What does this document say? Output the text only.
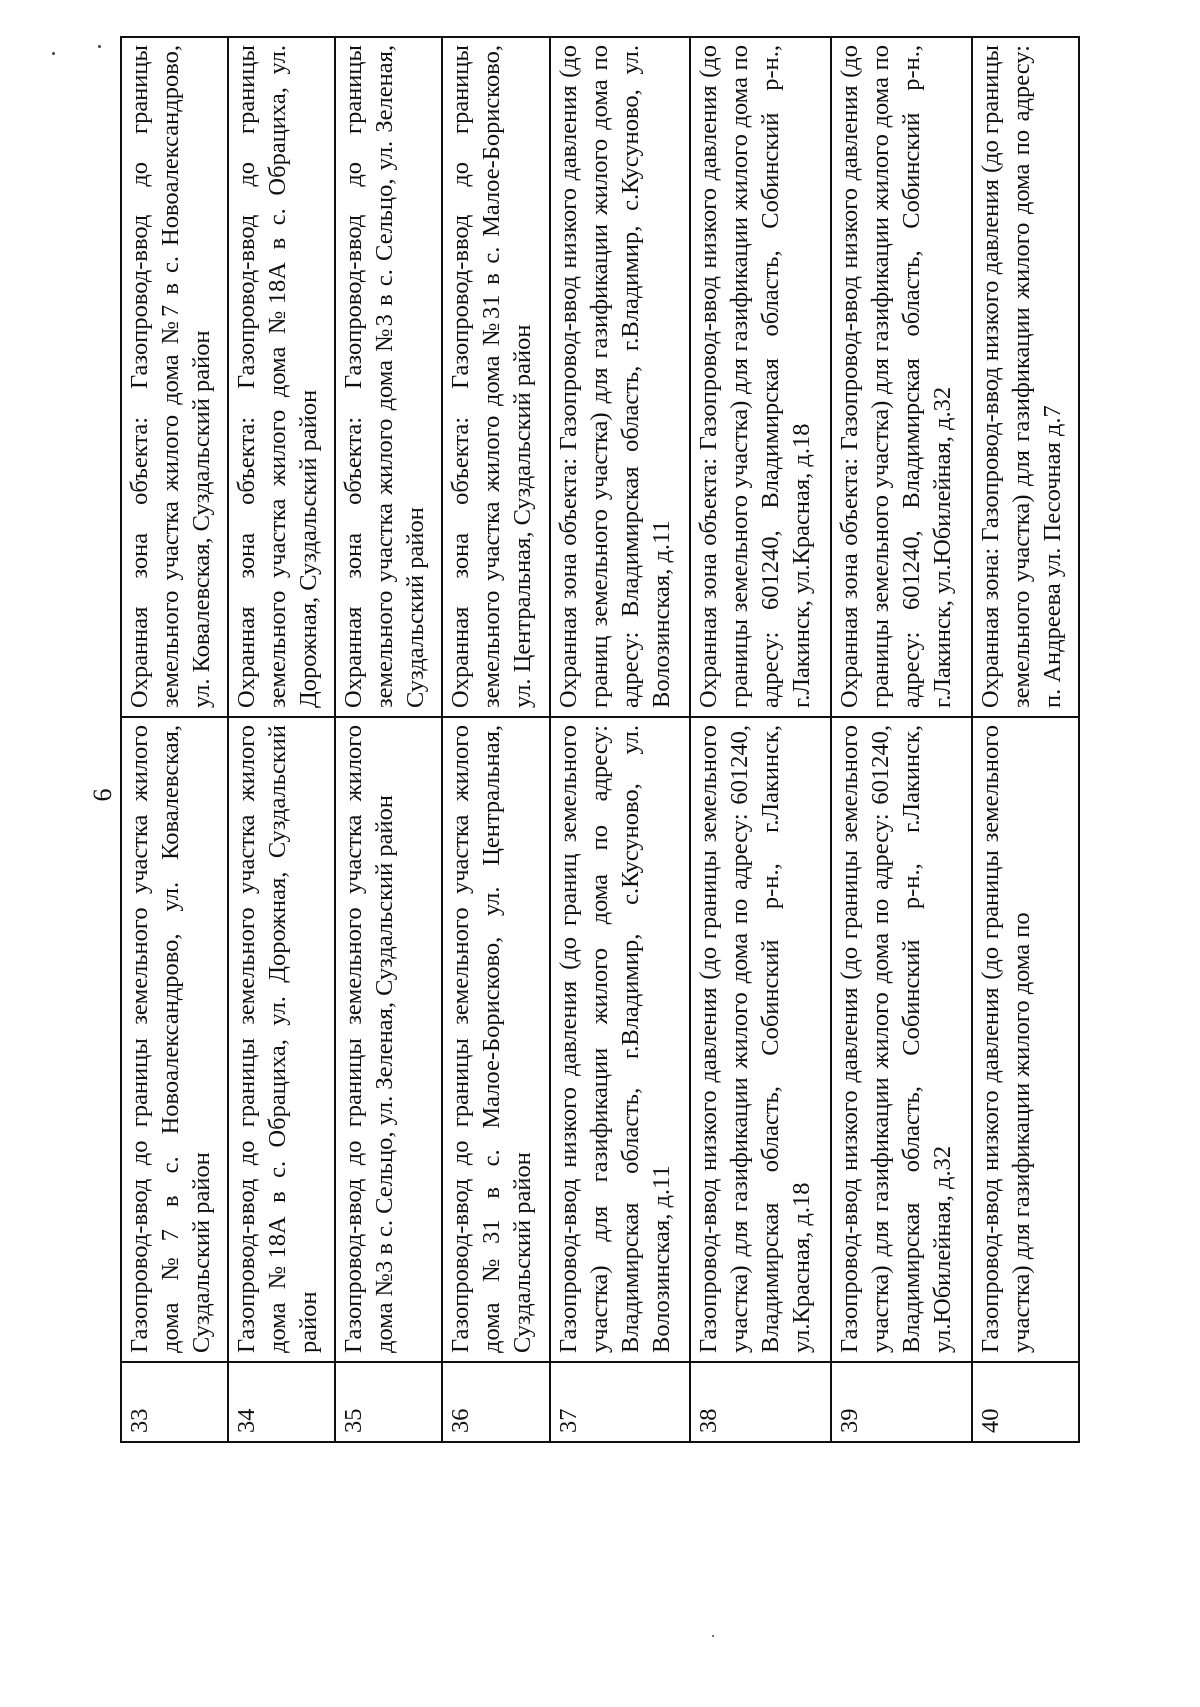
6
33	Газопровод-ввод до границы земельного участка жилого дома №7 в с. Новоалександрово, ул. Ковалевская, Суздальский район	Охранная зона объекта: Газопровод-ввод до границы земельного участка жилого дома №7 в с. Новоалександрово, ул. Ковалевская, Суздальский район
34	Газопровод-ввод до границы земельного участка жилого дома №18А в с. Обрациха, ул. Дорожная, Суздальский район	Охранная зона объекта: Газопровод-ввод до границы земельного участка жилого дома №18А в с. Обрациха, ул. Дорожная, Суздальский район
35	Газопровод-ввод до границы земельного участка жилого дома №3 в с. Сельцо, ул. Зеленая, Суздальский район	Охранная зона объекта: Газопровод-ввод до границы земельного участка жилого дома №3 в с. Сельцо, ул. Зеленая, Суздальский район
36	Газопровод-ввод до границы земельного участка жилого дома №31 в с. Малое-Борисково, ул. Центральная, Суздальский район	Охранная зона объекта: Газопровод-ввод до границы земельного участка жилого дома №31 в с. Малое-Борисково, ул. Центральная, Суздальский район
37	Газопровод-ввод низкого давления (до границ земельного участка) для газификации жилого дома по адресу: Владимирская область, г.Владимир, с.Кусуново, ул. Волозинская, д.11	Охранная зона объекта: Газопровод-ввод низкого давления (до границ земельного участка) для газификации жилого дома по адресу: Владимирская область, г.Владимир, с.Кусуново, ул. Волозинская, д.11
38	Газопровод-ввод низкого давления (до границы земельного участка) для газификации жилого дома по адресу: 601240, Владимирская область, Собинский р-н., г.Лакинск, ул.Красная, д.18	Охранная зона объекта: Газопровод-ввод низкого давления (до границы земельного участка) для газификации жилого дома по адресу: 601240, Владимирская область, Собинский р-н., г.Лакинск, ул.Красная, д.18
39	Газопровод-ввод низкого давления (до границы земельного участка) для газификации жилого дома по адресу: 601240, Владимирская область, Собинский р-н., г.Лакинск, ул.Юбилейная, д.32	Охранная зона объекта: Газопровод-ввод низкого давления (до границы земельного участка) для газификации жилого дома по адресу: 601240, Владимирская область, Собинский р-н., г.Лакинск, ул.Юбилейная, д.32
40	Газопровод-ввод низкого давления (до границы земельного участка) для газификации жилого дома по	Охранная зона: Газопровод-ввод низкого давления (до границы земельного участка) для газификации жилого дома по адресу: п. Андреева ул. Песочная д.7
